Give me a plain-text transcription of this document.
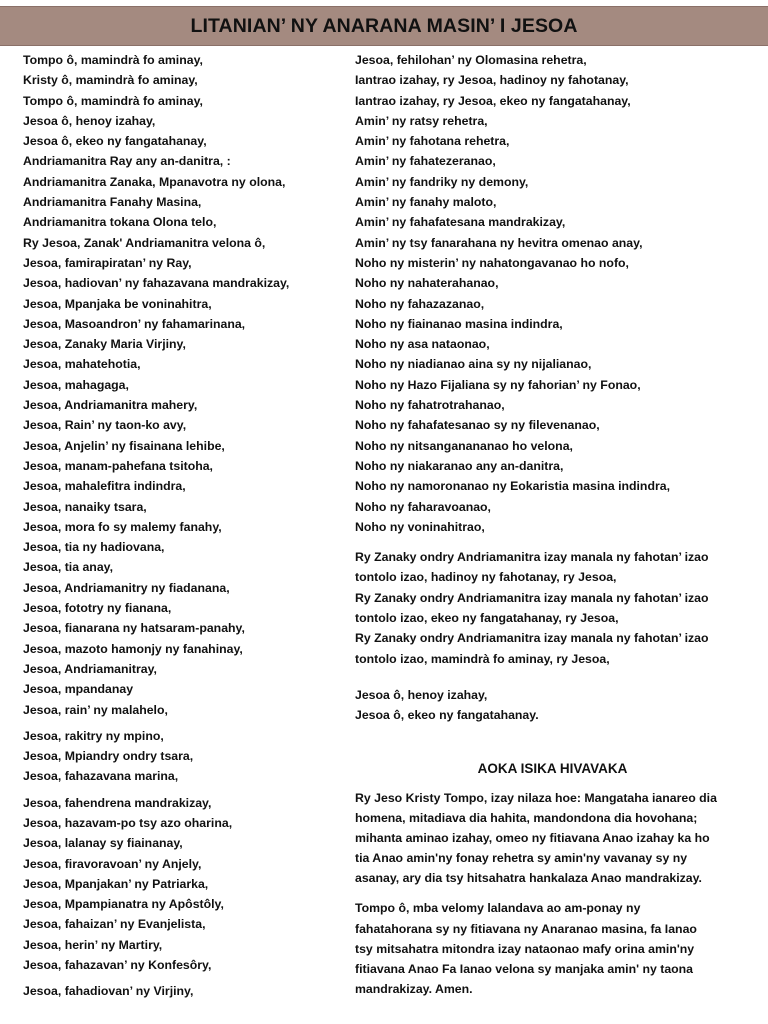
LITANIAN’ NY ANARANA MASIN’ I JESOA
Tompo ô, mamindrà fo aminay,
Kristy ô, mamindrà fo aminay,
Tompo ô, mamindrà fo aminay,
Jesoa ô, henoy izahay,
Jesoa ô, ekeo ny fangatahanay,
Andriamanitra Ray any an-danitra, :
Andriamanitra Zanaka, Mpanavotra ny olona,
Andriamanitra Fanahy Masina,
Andriamanitra tokana Olona telo,
Ry Jesoa, Zanak' Andriamanitra velona ô,
Jesoa, famirapiratan’ ny Ray,
Jesoa, hadiovan’ ny fahazavana mandrakizay,
Jesoa, Mpanjaka be voninahitra,
Jesoa, Masoandron’ ny fahamarinana,
Jesoa, Zanaky Maria Virjiny,
Jesoa, mahatehotia,
Jesoa, mahagaga,
Jesoa, Andriamanitra mahery,
Jesoa, Rain’ ny taon-ko avy,
Jesoa, Anjelin’ ny fisainana lehibe,
Jesoa, manam-pahefana tsitoha,
Jesoa, mahalefitra indindra,
Jesoa, nanaiky tsara,
Jesoa, mora fo sy malemy fanahy,
Jesoa, tia ny hadiovana,
Jesoa, tia anay,
Jesoa, Andriamanitry ny fiadanana,
Jesoa, fototry ny fianana,
Jesoa, fianarana ny hatsaram-panahy,
Jesoa, mazoto hamonjy ny fanahinay,
Jesoa, Andriamanitray,
Jesoa, mpandanay
Jesoa, rain’ ny malahelo,
Jesoa, rakitry ny mpino,
Jesoa, Mpiandry ondry tsara,
Jesoa, fahazavana marina,
Jesoa, fahendrena mandrakizay,
Jesoa, hazavam-po tsy azo oharina,
Jesoa, lalanay sy fiainanay,
Jesoa, firavoravoan’ ny Anjely,
Jesoa, Mpanjakan’ ny Patriarka,
Jesoa, Mpampianatra ny Apôstôly,
Jesoa, fahaizan’ ny Evanjelista,
Jesoa, herin’ ny Martiry,
Jesoa, fahazavan’ ny Konfesôry,
Jesoa, fahadiovan’ ny Virjiny,
Jesoa, fehilohan’ ny Olomasina rehetra,
Iantrao izahay, ry Jesoa, hadinoy ny fahotanay,
Iantrao izahay, ry Jesoa, ekeo ny fangatahanay,
Amin’ ny ratsy rehetra,
Amin’ ny fahotana rehetra,
Amin’ ny fahatezeranao,
Amin’ ny fandriky ny demony,
Amin’ ny fanahy maloto,
Amin’ ny fahafatesana mandrakizay,
Amin’ ny tsy fanarahana ny hevitra omenao anay,
Noho ny misterin’ ny nahatongavanao ho nofo,
Noho ny nahaterahanao,
Noho ny fahazazanao,
Noho ny fiainanao masina indindra,
Noho ny asa nataonao,
Noho ny niadianao aina sy ny nijalianao,
Noho ny Hazo Fijaliana sy ny fahorian’ ny Fonao,
Noho ny fahatrotrahanao,
Noho ny fahafatesanao sy ny filevenanao,
Noho ny nitsanganananao ho velona,
Noho ny niakaranao any an-danitra,
Noho ny namoronanao ny Eokaristia masina indindra,
Noho ny faharavoanao,
Noho ny voninahitrao,
Ry Zanaky ondry Andriamanitra izay manala ny fahotan’ izao
tontolo izao, hadinoy ny fahotanay, ry Jesoa,
Ry Zanaky ondry Andriamanitra izay manala ny fahotan’ izao
tontolo izao, ekeo ny fangatahanay, ry Jesoa,
Ry Zanaky ondry Andriamanitra izay manala ny fahotan’ izao
tontolo izao, mamindrà fo aminay, ry Jesoa,
Jesoa ô, henoy izahay,
Jesoa ô, ekeo ny fangatahanay.
AOKA ISIKA HIVAVAKA
Ry Jeso Kristy Tompo, izay nilaza hoe: Mangataha ianareo dia
homena, mitadiava dia hahita, mandondona dia hovohana;
mihanta aminao izahay, omeo ny fitiavana Anao izahay ka ho
tia Anao amin'ny fonay rehetra sy amin'ny vavanay sy ny
asanay, ary dia tsy hitsahatra hankalaza Anao mandrakizay.
Tompo ô, mba velomy lalandava ao am-ponay ny
fahatahorana sy ny fitiavana ny Anaranao masina, fa Ianao
tsy mitsahatra mitondra izay nataonao mafy orina amin'ny
fitiavana Anao Fa Ianao velona sy manjaka amin' ny taona
mandrakizay. Amen.
